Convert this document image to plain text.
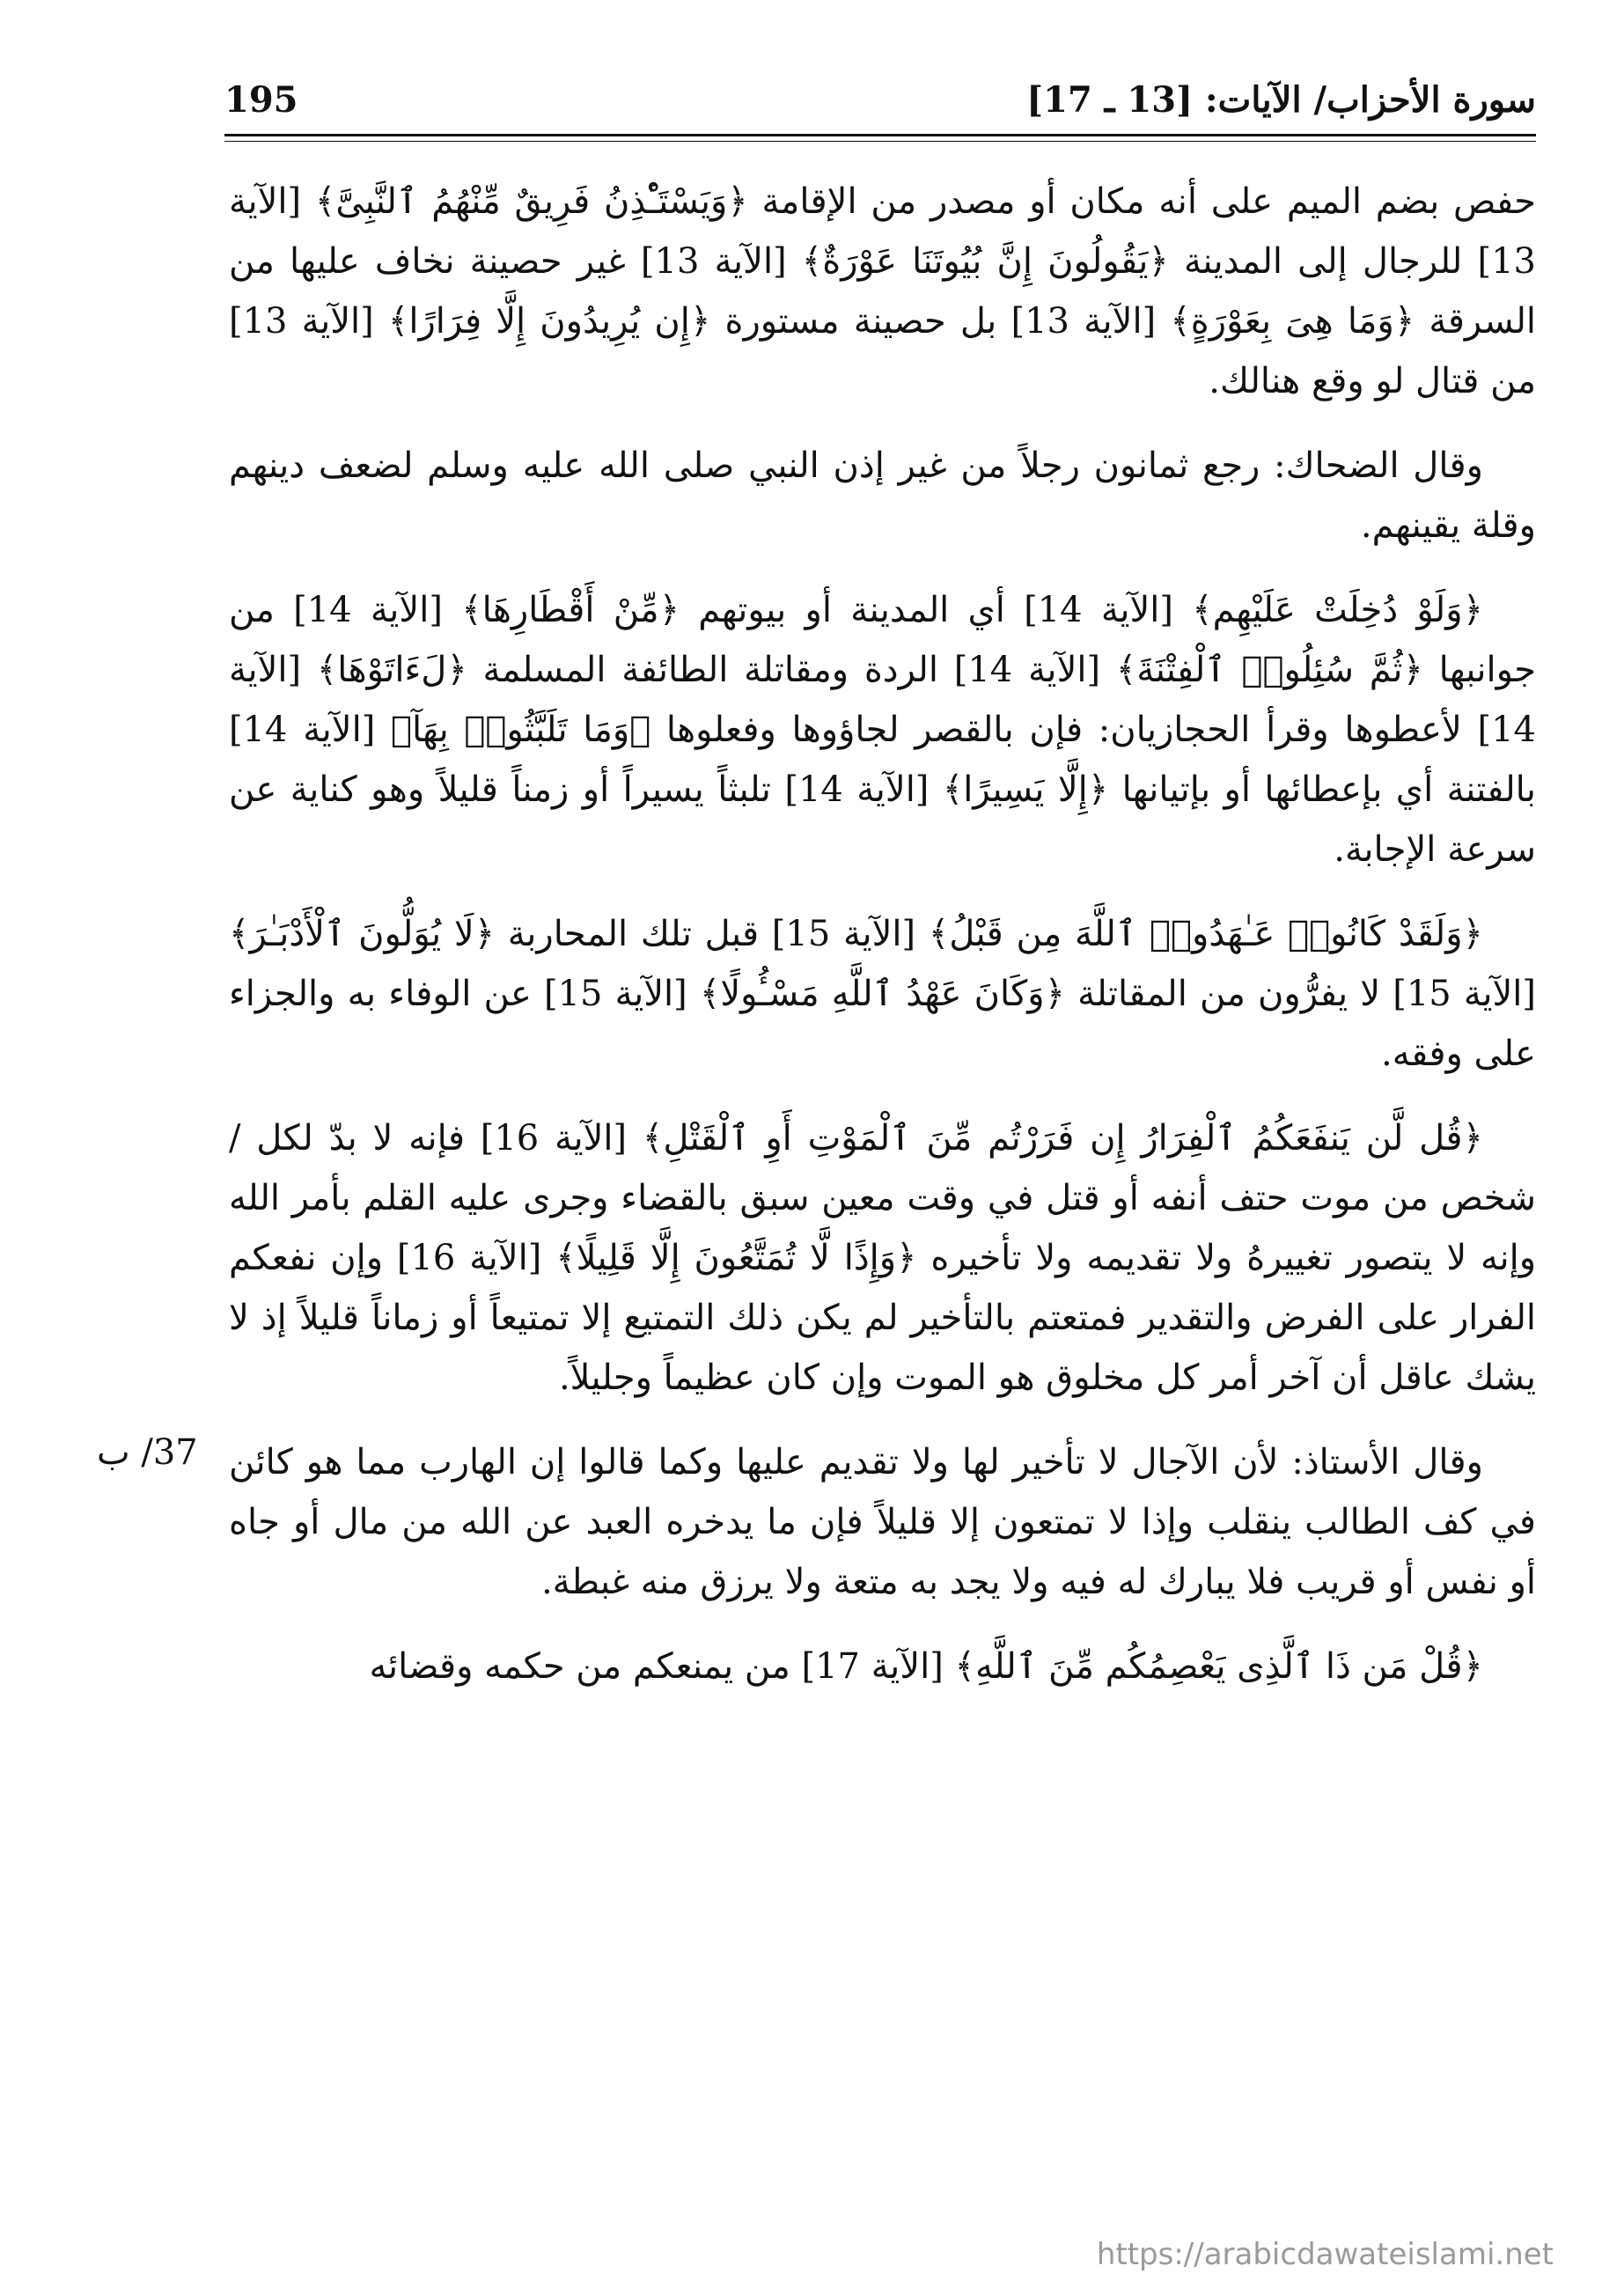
سورة الأحزاب/ الآيات: [13 ـ 17]
195

حفص بضم الميم على أنه مكان أو مصدر من الإقامة ﴿وَيَسْتَـْٔذِنُ فَرِيقٌ مِّنْهُمُ ٱلنَّبِىَّ﴾ [الآية 13] للرجال إلى المدينة ﴿يَقُولُونَ إِنَّ بُيُوتَنَا عَوْرَةٌ﴾ [الآية 13] غير حصينة نخاف عليها من السرقة ﴿وَمَا هِىَ بِعَوْرَةٍ﴾ [الآية 13] بل حصينة مستورة ﴿إِن يُرِيدُونَ إِلَّا فِرَارًا﴾ [الآية 13] من قتال لو وقع هنالك.

وقال الضحاك: رجع ثمانون رجلاً من غير إذن النبي صلى الله عليه وسلم لضعف دينهم وقلة يقينهم.

﴿وَلَوْ دُخِلَتْ عَلَيْهِم﴾ [الآية 14] أي المدينة أو بيوتهم ﴿مِّنْ أَقْطَارِهَا﴾ [الآية 14] من جوانبها ﴿ثُمَّ سُئِلُوا۟ ٱلْفِتْنَةَ﴾ [الآية 14] الردة ومقاتلة الطائفة المسلمة ﴿لَءَاتَوْهَا﴾ [الآية 14] لأعطوها وقرأ الحجازيان: فإن بالقصر لجاؤوها وفعلوها ﴿وَمَا تَلَبَّثُوا۟ بِهَآ﴾ [الآية 14] بالفتنة أي بإعطائها أو بإتيانها ﴿إِلَّا يَسِيرًا﴾ [الآية 14] تلبثاً يسيراً أو زمناً قليلاً وهو كناية عن سرعة الإجابة.

﴿وَلَقَدْ كَانُوا۟ عَـٰهَدُوا۟ ٱللَّهَ مِن قَبْلُ﴾ [الآية 15] قبل تلك المحاربة ﴿لَا يُوَلُّونَ ٱلْأَدْبَـٰرَ﴾ [الآية 15] لا يفرُّون من المقاتلة ﴿وَكَانَ عَهْدُ ٱللَّهِ مَسْـُٔولًا﴾ [الآية 15] عن الوفاء به والجزاء على وفقه.

﴿قُل لَّن يَنفَعَكُمُ ٱلْفِرَارُ إِن فَرَرْتُم مِّنَ ٱلْمَوْتِ أَوِ ٱلْقَتْلِ﴾ [الآية 16] فإنه لا بدّ لكل / شخص من موت حتف أنفه أو قتل في وقت معين سبق بالقضاء وجرى عليه القلم بأمر الله وإنه لا يتصور تغييرهُ ولا تقديمه ولا تأخيره ﴿وَإِذًا لَّا تُمَتَّعُونَ إِلَّا قَلِيلًا﴾ [الآية 16] وإن نفعكم الفرار على الفرض والتقدير فمتعتم بالتأخير لم يكن ذلك التمتيع إلا تمتيعاً أو زماناً قليلاً إذ لا يشك عاقل أن آخر أمر كل مخلوق هو الموت وإن كان عظيماً وجليلاً.

وقال الأستاذ: لأن الآجال لا تأخير لها ولا تقديم عليها وكما قالوا إن الهارب مما هو كائن في كف الطالب ينقلب وإذا لا تمتعون إلا قليلاً فإن ما يدخره العبد عن الله من مال أو جاه أو نفس أو قريب فلا يبارك له فيه ولا يجد به متعة ولا يرزق منه غبطة.

﴿قُلْ مَن ذَا ٱلَّذِى يَعْصِمُكُم مِّنَ ٱللَّهِ﴾ [الآية 17] من يمنعكم من حكمه وقضائه

37/ ب
https://arabicdawateislami.net
